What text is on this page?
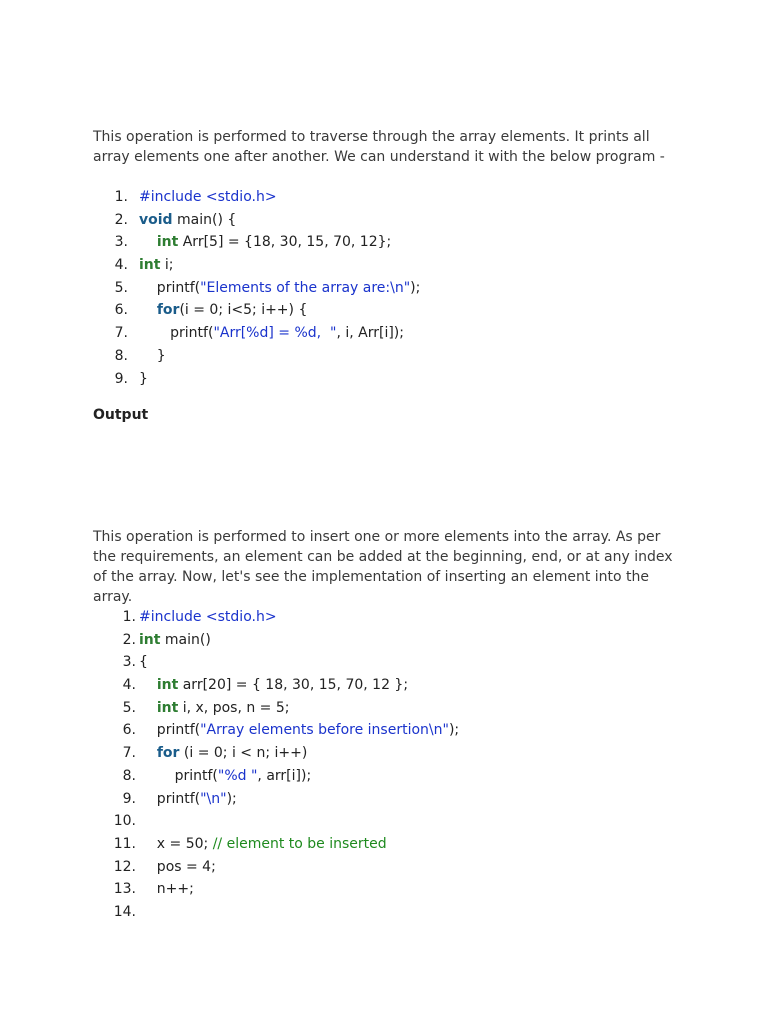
This operation is performed to traverse through the array elements. It prints all array elements one after another. We can understand it with the below program -

1. #include <stdio.h>
2. void main() {
3.	int Arr[5] = {18, 30, 15, 70, 12};
4. int i;
5. printf("Elements of the array are:\n");
6.	for(i = 0; i<5; i++) {
7. printf("Arr[%d] = %d,  ", i, Arr[i]);
8. }
9. }

Output

This operation is performed to insert one or more elements into the array. As per the requirements, an element can be added at the beginning, end, or at any index of the array. Now, let's see the implementation of inserting an element into the array.

1. #include <stdio.h>
2. int main()
3. {
4.	int arr[20] = { 18, 30, 15, 70, 12 };
5.	int i, x, pos, n = 5;
6. printf("Array elements before insertion\n");
7.	for (i = 0; i < n; i++)
8. printf("%d ", arr[i]);
9. printf("\n");
10.
11. x = 50; // element to be inserted
12. pos = 4;
13. n++;
14.
